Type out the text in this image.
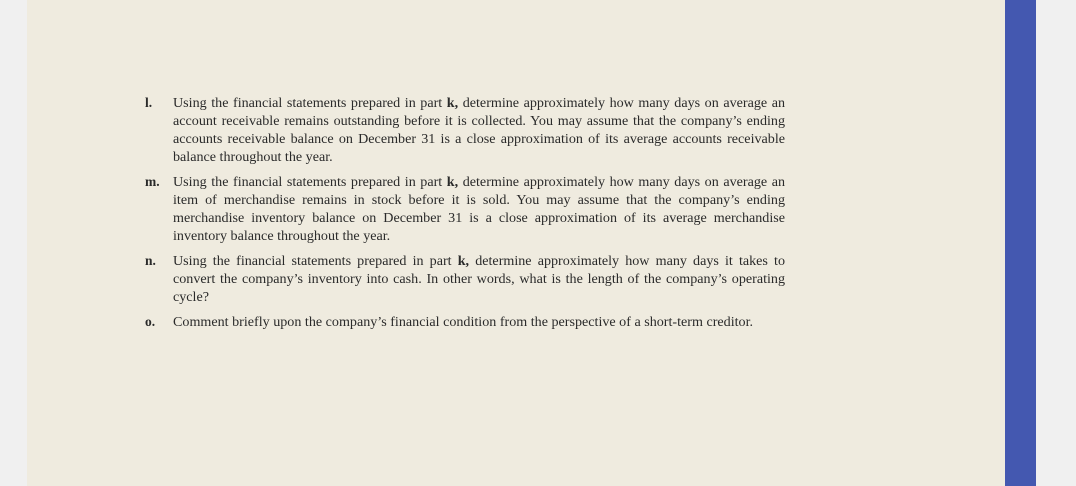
l. Using the financial statements prepared in part k, determine approximately how many days on average an account receivable remains outstanding before it is collected. You may assume that the company’s ending accounts receivable balance on December 31 is a close approximation of its average accounts receivable balance throughout the year.
m. Using the financial statements prepared in part k, determine approximately how many days on average an item of merchandise remains in stock before it is sold. You may assume that the company’s ending merchandise inventory balance on December 31 is a close approximation of its average merchandise inventory balance throughout the year.
n. Using the financial statements prepared in part k, determine approximately how many days it takes to convert the company’s inventory into cash. In other words, what is the length of the company’s operating cycle?
o. Comment briefly upon the company’s financial condition from the perspective of a short-term creditor.
